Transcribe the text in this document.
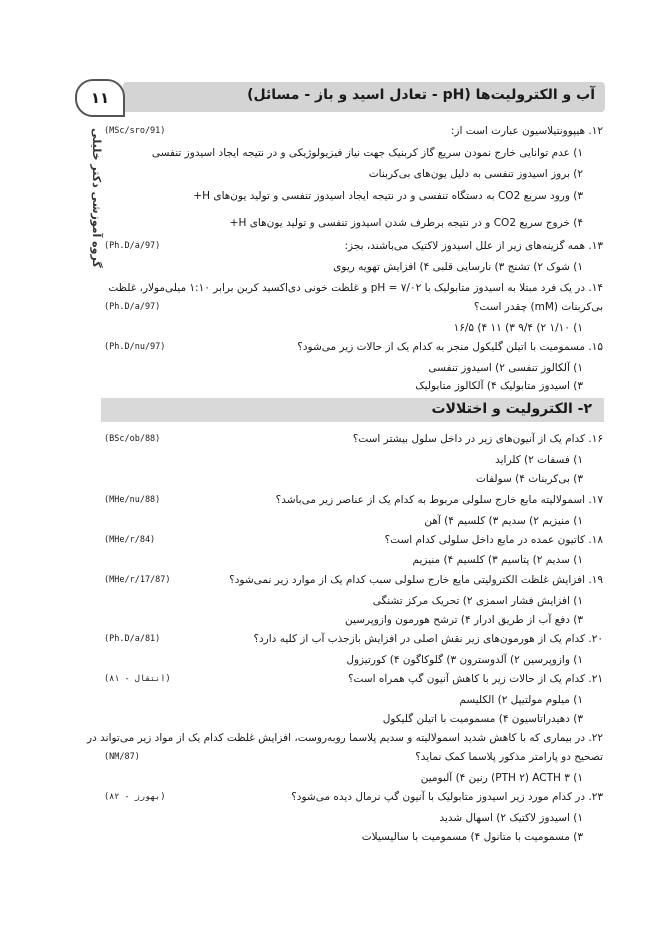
آب و الکترولیت‌ها (pH - تعادل اسید و باز - مسائل)
۱۱
گروه آموزشی دکتر خلیلی
۲- الکترولیت و اختلالات
۱۲. هیپوونتیلاسیون عبارت است از:
(MSc/sro/91)
۱) عدم توانایی خارج نمودن سریع گاز کربنیک جهت نیاز فیزیولوژیکی و در نتیجه ایجاد اسیدوز تنفسی
۲) بروز اسیدوز تنفسی به دلیل یون‌های بی‌کربنات
۳) ورود سریع CO2 به دستگاه تنفسی و در نتیجه ایجاد اسیدوز تنفسی و تولید یون‌های H+
۴) خروج سریع CO2 و در نتیجه برطرف شدن اسیدوز تنفسی و تولید یون‌های H+
۱۳. همه گزینه‌های زیر از علل اسیدوز لاکتیک می‌باشند، بجز:
(Ph.D/a/97)
۱) شوک ۲) تشنج ۳) نارسایی قلبی ۴) افزایش تهویه ریوی
۱۴. در یک فرد مبتلا به اسیدوز متابولیک با ۷/۰۲ = pH و غلظت خونی دی‌اکسید کربن برابر ۱:۱۰ میلی‌مولار، غلظت
بی‌کربنات (mM) چقدر است؟
(Ph.D/a/97)
۱) ۱/۱۰ ۲) ۹/۴ ۳) ۱۱ ۴) ۱۶/۵
۱۵. مسمومیت با اتیلن گلیکول منجر به کدام یک از حالات زیر می‌شود؟
(Ph.D/nu/97)
۱) آلکالوز تنفسی ۲) اسیدوز تنفسی
۳) اسیدوز متابولیک ۴) آلکالوز متابولیک
۱۶. کدام یک از آنیون‌های زیر در داخل سلول بیشتر است؟
(BSc/ob/88)
۱) فسفات ۲) کلراید
۳) بی‌کربنات ۴) سولفات
۱۷. اسمولالیته مایع خارج سلولی مربوط به کدام یک از عناصر زیر می‌باشد؟
(MHe/nu/88)
۱) منیزیم ۲) سدیم ۳) کلسیم ۴) آهن
۱۸. کاتیون عمده در مایع داخل سلولی کدام است؟
(MHe/r/84)
۱) سدیم ۲) پتاسیم ۳) کلسیم ۴) منیزیم
۱۹. افزایش غلظت الکترولیتی مایع خارج سلولی سبب کدام یک از موارد زیر نمی‌شود؟
(MHe/r/17/87)
۱) افزایش فشار اسمزی ۲) تحریک مرکز تشنگی
۳) دفع آب از طریق ادرار ۴) ترشح هورمون وازوپرسین
۲۰. کدام یک از هورمون‌های زیر نقش اصلی در افزایش بازجذب آب از کلیه دارد؟
(Ph.D/a/81)
۱) وازوپرسین ۲) آلدوسترون ۳) گلوکاگون ۴) کورتیزول
۲۱. کدام یک از حالات زیر با کاهش آنیون گپ همراه است؟
(انتقال - ۸۱)
۱) میلوم مولتیپل ۲) الکلیسم
۳) دهیدراتاسیون ۴) مسمومیت با اتیلن گلیکول
۲۲. در بیماری که با کاهش شدید اسمولالیته و سدیم پلاسما روبه‌روست، افزایش غلظت کدام یک از مواد زیر می‌تواند در
تصحیح دو پارامتر مذکور پلاسما کمک نماید؟
(NM/87)
۱) PTH ۲) ACTH ۳) رنین ۴) آلبومین
۲۳. در کدام مورد زیر اسیدوز متابولیک با آنیون گپ نرمال دیده می‌شود؟
(بهورز - ۸۲)
۱) اسیدوز لاکتیک ۲) اسهال شدید
۳) مسمومیت با متانول ۴) مسمومیت با سالیسیلات
